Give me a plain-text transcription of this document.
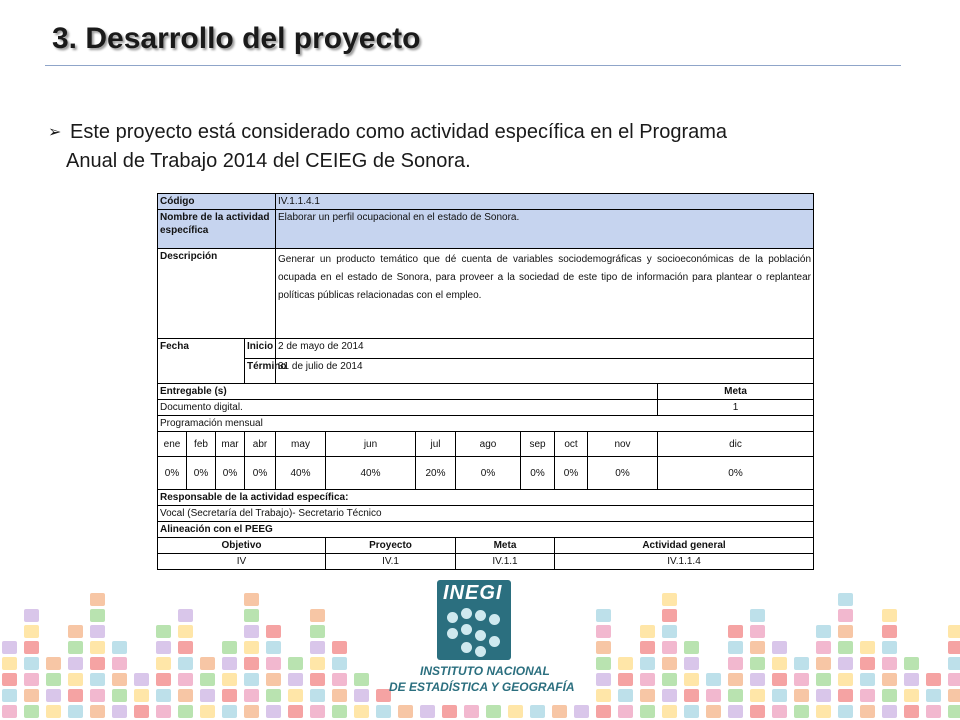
3. Desarrollo del proyecto
➢ Este proyecto está considerado como actividad específica en el Programa
Anual de Trabajo 2014 del CEIEG de Sonora.
Código				IV.1.1.4.1							
Nombre de la actividad específica				Elaborar un perfil ocupacional en el estado de Sonora.							
Descripción				Generar un producto temático que dé cuenta de variables sociodemográficas y socioeconómicas de la población ocupada en el estado de Sonora, para proveer a la sociedad de este tipo de información para plantear o replantear políticas públicas relacionadas con el empleo.							
Fecha			Inicio	2 de mayo de 2014							
			Término	31 de julio de 2014							
Entregable (s)											Meta
Documento digital.											1
Programación mensual											
ene	feb	mar	abr	may	jun	jul	ago	sep	oct	nov	dic
0%	0%	0%	0%	40%	40%	20%	0%	0%	0%	0%	0%
Responsable de la actividad específica:											
Vocal (Secretaría del Trabajo)- Secretario Técnico											
Alineación con el PEEG											
Objetivo					Proyecto		Meta		Actividad general		
IV					IV.1		IV.1.1		IV.1.1.4		
INEGI
INSTITUTO NACIONAL
DE ESTADÍSTICA Y GEOGRAFÍA
